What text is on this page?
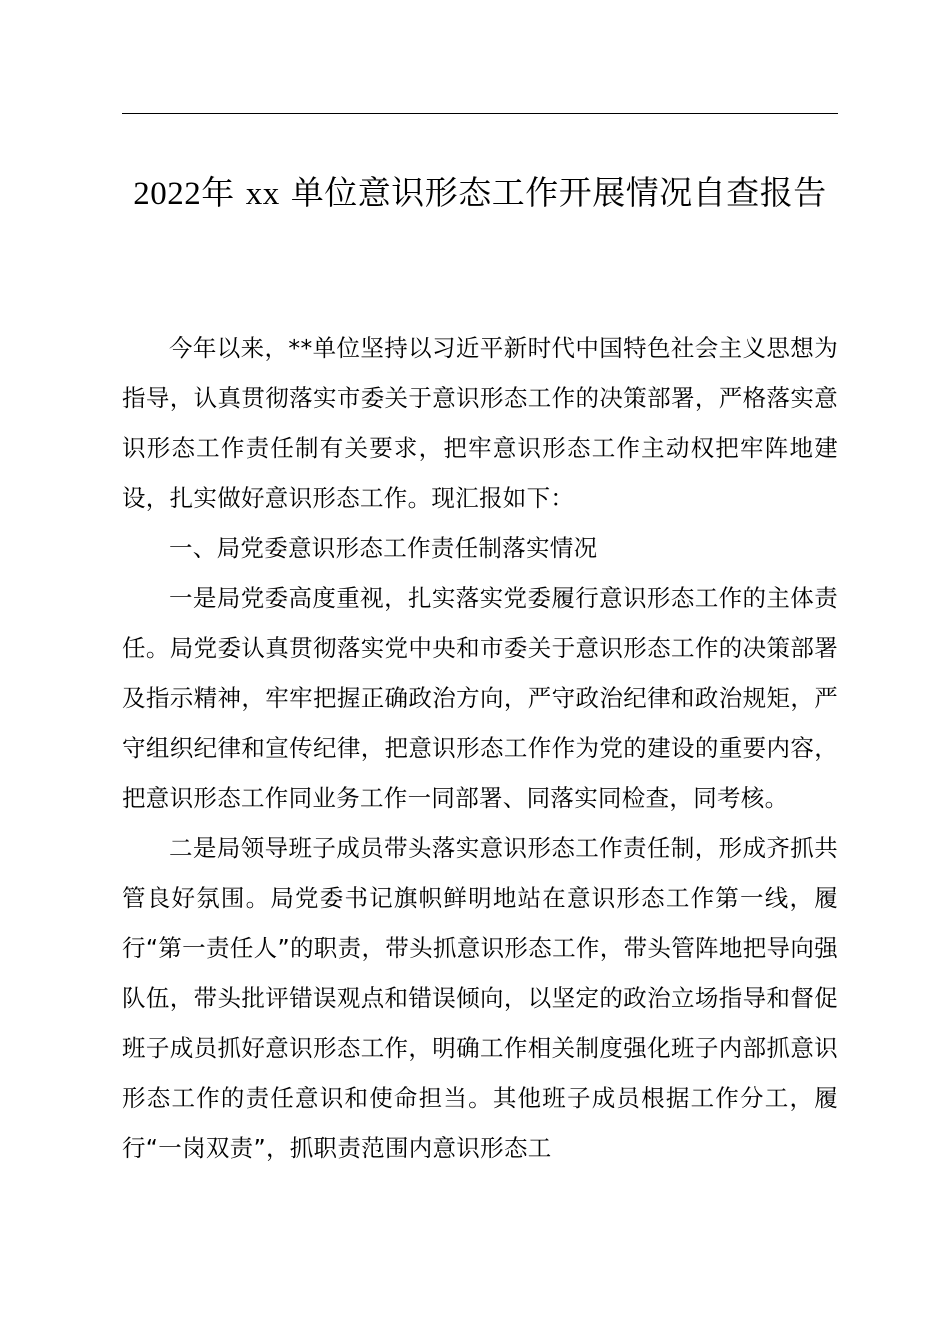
2022年 xx 单位意识形态工作开展情况自查报告

今年以来，**单位坚持以习近平新时代中国特色社会主义思想为指导，认真贯彻落实市委关于意识形态工作的决策部署，严格落实意识形态工作责任制有关要求，把牢意识形态工作主动权把牢阵地建设，扎实做好意识形态工作。现汇报如下：

一、局党委意识形态工作责任制落实情况

一是局党委高度重视，扎实落实党委履行意识形态工作的主体责任。局党委认真贯彻落实党中央和市委关于意识形态工作的决策部署及指示精神，牢牢把握正确政治方向，严守政治纪律和政治规矩，严守组织纪律和宣传纪律，把意识形态工作作为党的建设的重要内容，把意识形态工作同业务工作一同部署、同落实同检查，同考核。

二是局领导班子成员带头落实意识形态工作责任制，形成齐抓共管良好氛围。局党委书记旗帜鲜明地站在意识形态工作第一线，履行“第一责任人”的职责，带头抓意识形态工作，带头管阵地把导向强队伍，带头批评错误观点和错误倾向，以坚定的政治立场指导和督促班子成员抓好意识形态工作，明确工作相关制度强化班子内部抓意识形态工作的责任意识和使命担当。其他班子成员根据工作分工，履行“一岗双责”，抓职责范围内意识形态工
